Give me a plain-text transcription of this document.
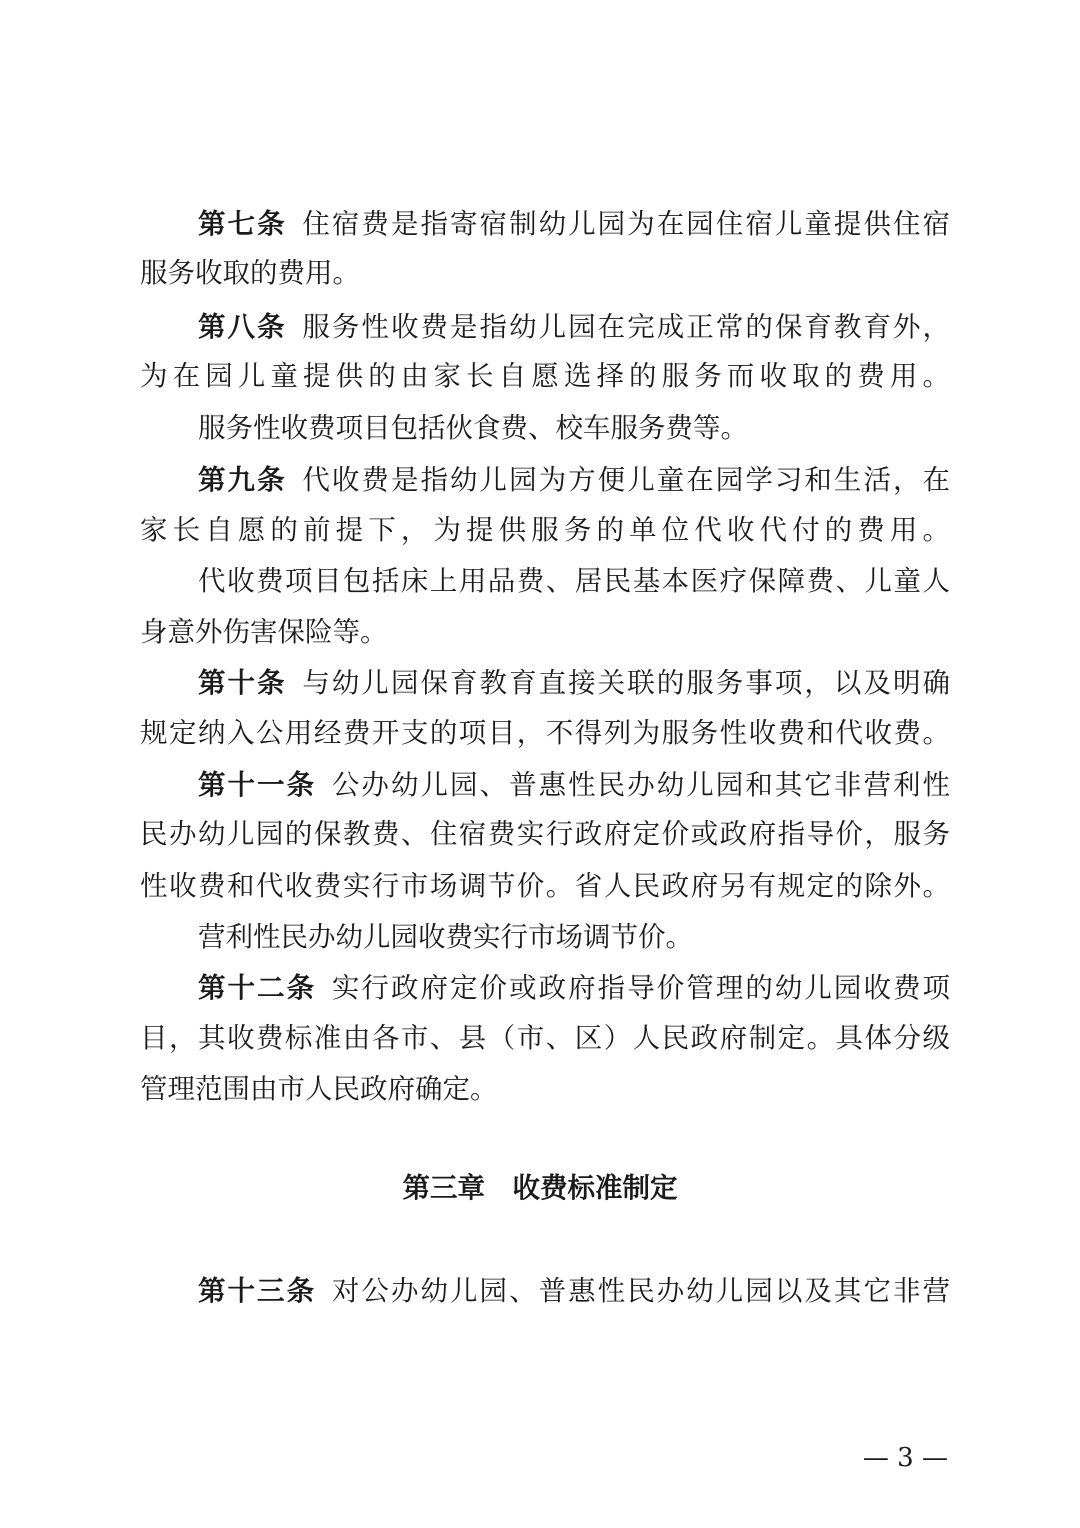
第七条  住宿费是指寄宿制幼儿园为在园住宿儿童提供住宿
服务收取的费用。
第八条  服务性收费是指幼儿园在完成正常的保育教育外，
为在园儿童提供的由家长自愿选择的服务而收取的费用。
服务性收费项目包括伙食费、校车服务费等。
第九条  代收费是指幼儿园为方便儿童在园学习和生活，在
家长自愿的前提下，为提供服务的单位代收代付的费用。
代收费项目包括床上用品费、居民基本医疗保障费、儿童人
身意外伤害保险等。
第十条  与幼儿园保育教育直接关联的服务事项，以及明确
规定纳入公用经费开支的项目，不得列为服务性收费和代收费。
第十一条  公办幼儿园、普惠性民办幼儿园和其它非营利性
民办幼儿园的保教费、住宿费实行政府定价或政府指导价，服务
性收费和代收费实行市场调节价。省人民政府另有规定的除外。
营利性民办幼儿园收费实行市场调节价。
第十二条  实行政府定价或政府指导价管理的幼儿园收费项
目，其收费标准由各市、县（市、区）人民政府制定。具体分级
管理范围由市人民政府确定。
第三章　收费标准制定
第十三条  对公办幼儿园、普惠性民办幼儿园以及其它非营
— 3 —
